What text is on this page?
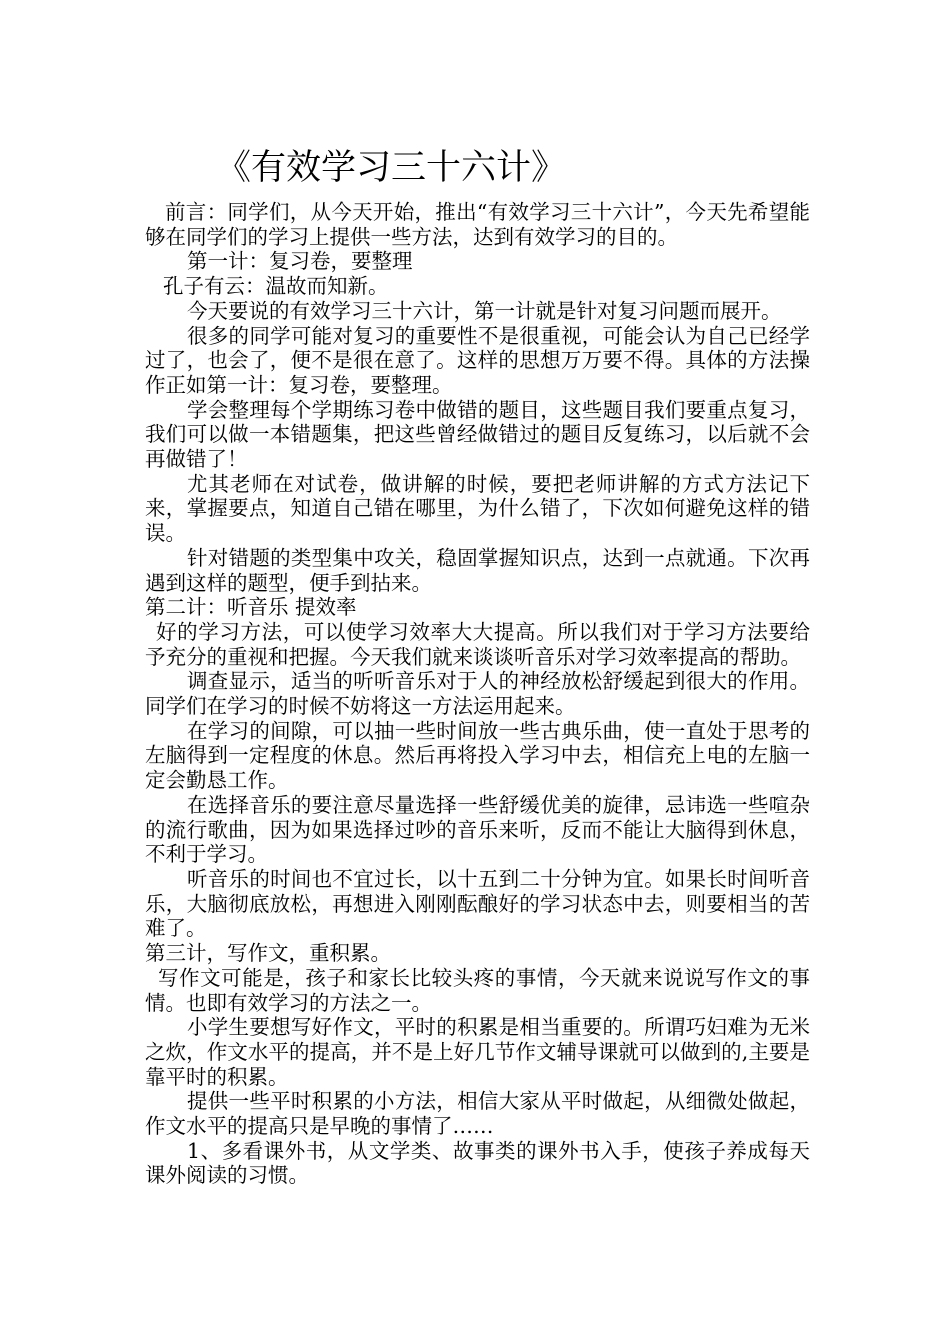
《有效学习三十六计》

前言：同学们，从今天开始，推出“有效学习三十六计”，今天先希望能够在同学们的学习上提供一些方法，达到有效学习的目的。

第一计：复习卷，要整理

孔子有云：温故而知新。

今天要说的有效学习三十六计，第一计就是针对复习问题而展开。

很多的同学可能对复习的重要性不是很重视，可能会认为自己已经学过了，也会了，便不是很在意了。这样的思想万万要不得。具体的方法操作正如第一计：复习卷，要整理。

学会整理每个学期练习卷中做错的题目，这些题目我们要重点复习，我们可以做一本错题集，把这些曾经做错过的题目反复练习，以后就不会再做错了！

尤其老师在对试卷，做讲解的时候，要把老师讲解的方式方法记下来，掌握要点，知道自己错在哪里，为什么错了，下次如何避免这样的错误。

针对错题的类型集中攻关，稳固掌握知识点，达到一点就通。下次再遇到这样的题型，便手到拈来。

第二计：听音乐 提效率

好的学习方法，可以使学习效率大大提高。所以我们对于学习方法要给予充分的重视和把握。今天我们就来谈谈听音乐对学习效率提高的帮助。

调查显示，适当的听听音乐对于人的神经放松舒缓起到很大的作用。同学们在学习的时候不妨将这一方法运用起来。

在学习的间隙，可以抽一些时间放一些古典乐曲，使一直处于思考的左脑得到一定程度的休息。然后再将投入学习中去，相信充上电的左脑一定会勤恳工作。

在选择音乐的要注意尽量选择一些舒缓优美的旋律，忌讳选一些喧杂的流行歌曲，因为如果选择过吵的音乐来听，反而不能让大脑得到休息，不利于学习。

听音乐的时间也不宜过长，以十五到二十分钟为宜。如果长时间听音乐，大脑彻底放松，再想进入刚刚酝酿好的学习状态中去，则要相当的苦难了。

第三计，写作文，重积累。

写作文可能是，孩子和家长比较头疼的事情，今天就来说说写作文的事情。也即有效学习的方法之一。

小学生要想写好作文，平时的积累是相当重要的。所谓巧妇难为无米之炊，作文水平的提高，并不是上好几节作文辅导课就可以做到的,主要是靠平时的积累。

提供一些平时积累的小方法，相信大家从平时做起，从细微处做起，作文水平的提高只是早晚的事情了……

1、多看课外书，从文学类、故事类的课外书入手，使孩子养成每天课外阅读的习惯。
